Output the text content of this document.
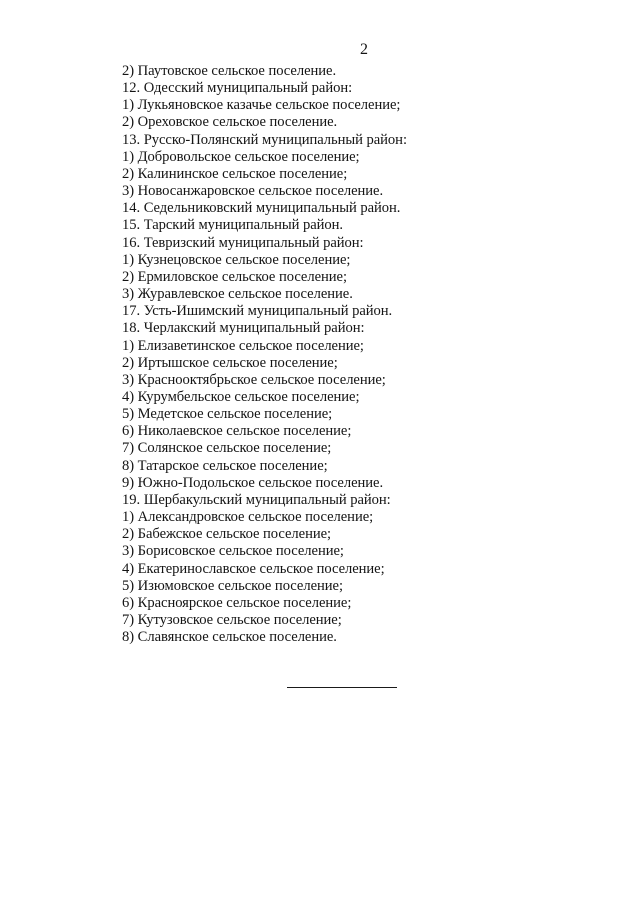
2
2) Паутовское сельское поселение.
12. Одесский муниципальный район:
1) Лукьяновское казачье сельское поселение;
2) Ореховское сельское поселение.
13. Русско-Полянский муниципальный район:
1) Добровольское сельское поселение;
2) Калининское сельское поселение;
3) Новосанжаровское сельское поселение.
14. Седельниковский муниципальный район.
15. Тарский муниципальный район.
16. Тевризский муниципальный район:
1) Кузнецовское сельское поселение;
2) Ермиловское сельское поселение;
3) Журавлевское сельское поселение.
17. Усть-Ишимский муниципальный район.
18. Черлакский муниципальный район:
1) Елизаветинское сельское поселение;
2) Иртышское сельское поселение;
3) Красноoктябрьское сельское поселение;
4) Курумбельское сельское поселение;
5) Медетское сельское поселение;
6) Николаевское сельское поселение;
7) Солянское сельское поселение;
8) Татарское сельское поселение;
9) Южно-Подольское сельское поселение.
19. Шербакульский муниципальный район:
1) Александровское сельское поселение;
2) Бабежское сельское поселение;
3) Борисовское сельское поселение;
4) Екатеринославское сельское поселение;
5) Изюмовское сельское поселение;
6) Красноярское сельское поселение;
7) Кутузовское сельское поселение;
8) Славянское сельское поселение.
